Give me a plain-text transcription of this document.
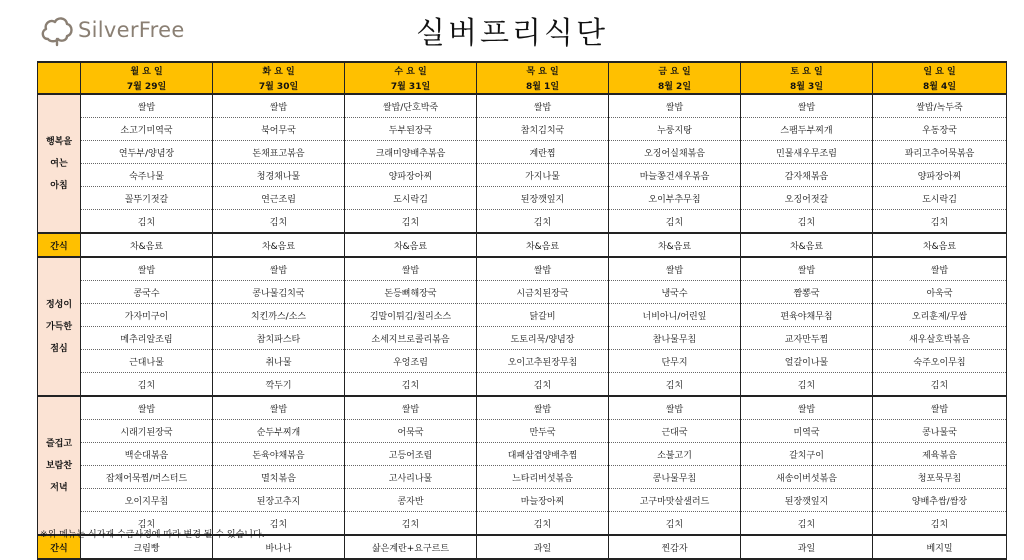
SilverFree	실버프리식단
	월 요 일	화 요 일	수 요 일	목 요 일	금 요 일	토 요 일	일 요 일
	7월 29일	7월 30일	7월 31일	8월 1일	8월 2일	8월 3일	8월 4일

행복을
여는
아침	쌀밥	쌀밥	쌀밥/단호박죽	쌀밥	쌀밥	쌀밥	쌀밥/녹두죽
	소고기미역국	북어무국	두부된장국	참치김치국	누룽지탕	스팸두부찌개	우동장국
	연두부/양념장	돈채표고볶음	크래미양배추볶음	계란찜	오징어실채볶음	민물새우무조림	꽈리고추어묵볶음
	숙주나물	청경채나물	양파장아찌	가지나물	마늘쫑건새우볶음	감자채볶음	양파장아찌
	꼴뚜기젓갈	연근조림	도시락김	된장깻잎지	오이부추무침	오징어젓갈	도시락김
	김치	김치	김치	김치	김치	김치	김치
간식	차&음료	차&음료	차&음료	차&음료	차&음료	차&음료	차&음료

정성이
가득한
점심	쌀밥	쌀밥	쌀밥	쌀밥	쌀밥	쌀밥	쌀밥
	콩국수	콩나물김치국	돈등뼈해장국	시금치된장국	냉국수	짬뽕국	아욱국
	가자미구이	치킨까스/소스	김말이튀김/칠리소스	닭갈비	너비아니/어린잎	편육야채무침	오리훈제/무쌈
	메추리알조림	참치파스타	소세지브로콜리볶음	도토리묵/양념장	참나물무침	교자만두찜	새우살호박볶음
	근대나물	취나물	우엉조림	오이고추된장무침	단무지	얼갈이나물	숙주오이무침
	김치	깍두기	김치	김치	김치	김치	김치

즐겁고
보람찬
저녁	쌀밥	쌀밥	쌀밥	쌀밥	쌀밥	쌀밥	쌀밥
	시래기된장국	순두부찌개	어묵국	만두국	근대국	미역국	콩나물국
	백순대볶음	돈육야채볶음	고등어조림	대패삼겹양배추찜	소불고기	갈치구이	제육볶음
	잡채어묵찜/머스터드	멸치볶음	고사리나물	느타리버섯볶음	콩나물무침	새송이버섯볶음	청포묵무침
	오이지무침	된장고추지	콩자반	마늘장아찌	고구마맛살샐러드	된장깻잎지	양배추쌈/쌈장
	김치	김치	김치	김치	김치	김치	김치
간식	크림빵	바나나	삶은계란+요구르트	과일	찐감자	과일	베지밀
※위 메뉴는 식자재 수급사정에 따라 변경 될 수 있습니다.
